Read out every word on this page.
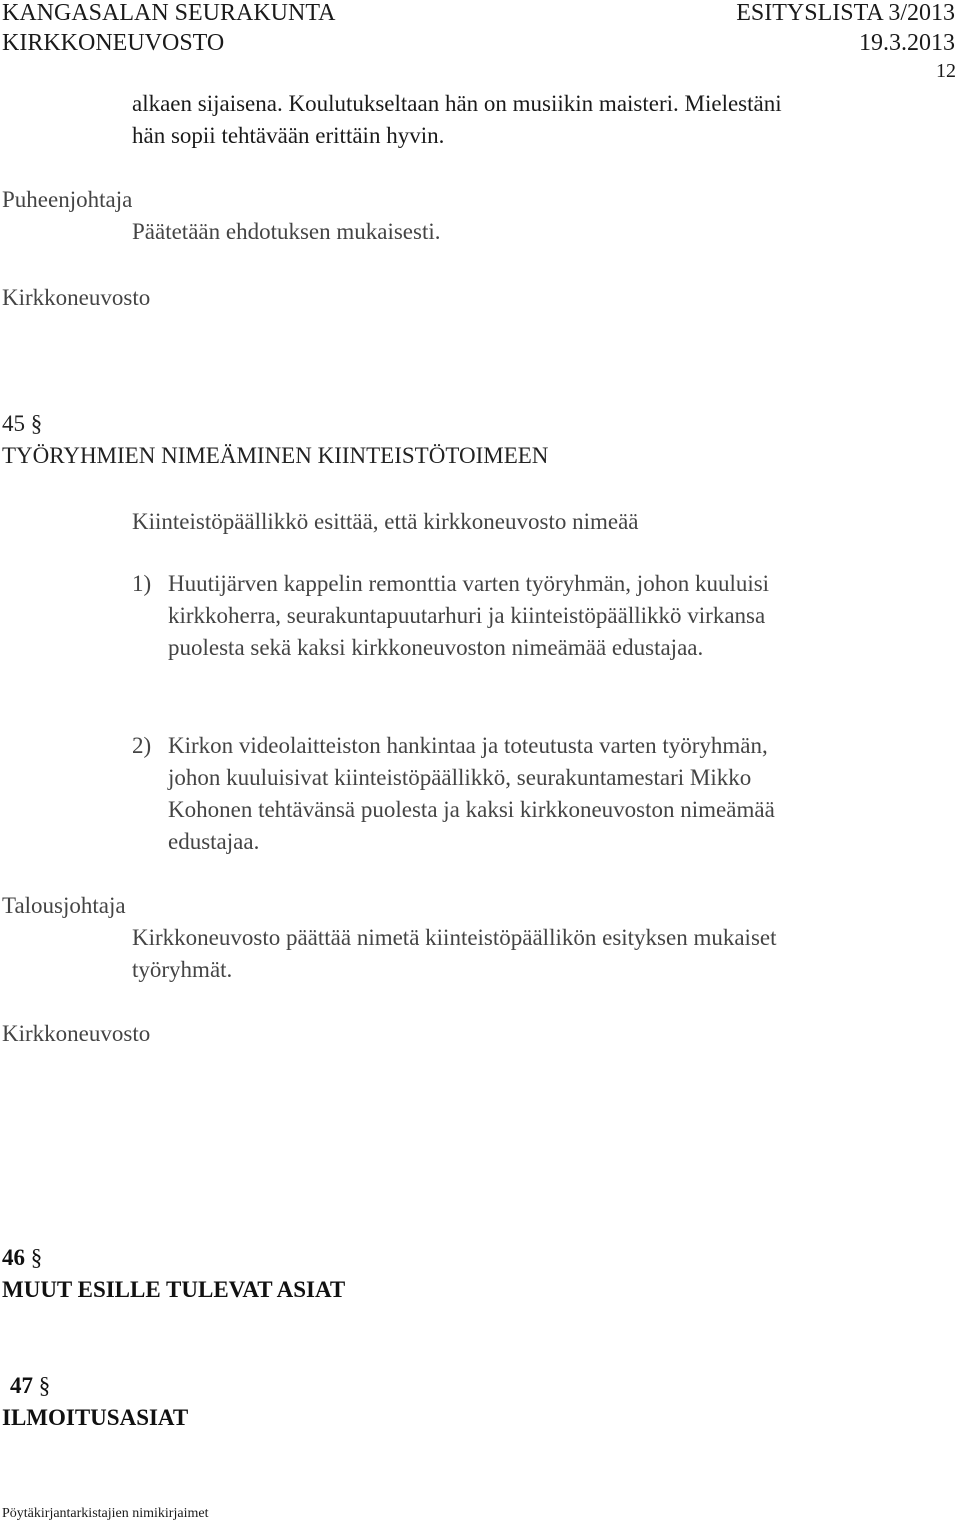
KANGASALAN SEURAKUNTA	ESITYSLISTA 3/2013
KIRKKONEUVOSTO	19.3.2013
12
alkaen sijaisena. Koulutukseltaan hän on musiikin maisteri. Mielestäni
hän sopii tehtävään erittäin hyvin.
Puheenjohtaja
Päätetään ehdotuksen mukaisesti.
Kirkkoneuvosto
45 §
TYÖRYHMIEN NIMEÄMINEN KIINTEISTÖTOIMEEN
Kiinteistöpäällikkö esittää, että kirkkoneuvosto nimeää
1) Huutijärven kappelin remonttia varten työryhmän, johon kuuluisi
kirkkoherra, seurakuntapuutarhuri ja kiinteistöpäällikkö virkansa
puolesta sekä kaksi kirkkoneuvoston nimeämää edustajaa.
2) Kirkon videolaitteiston hankintaa ja toteutusta varten työryhmän,
johon kuuluisivat kiinteistöpäällikkö, seurakuntamestari Mikko
Kohonen tehtävänsä puolesta ja kaksi kirkkoneuvoston nimeämää
edustajaa.
Talousjohtaja
Kirkkoneuvosto päättää nimetä kiinteistöpäällikön esityksen mukaiset
työryhmät.
Kirkkoneuvosto
46 §
MUUT ESILLE TULEVAT ASIAT
47 §
ILMOITUSASIAT
Pöytäkirjantarkistajien nimikirjaimet
